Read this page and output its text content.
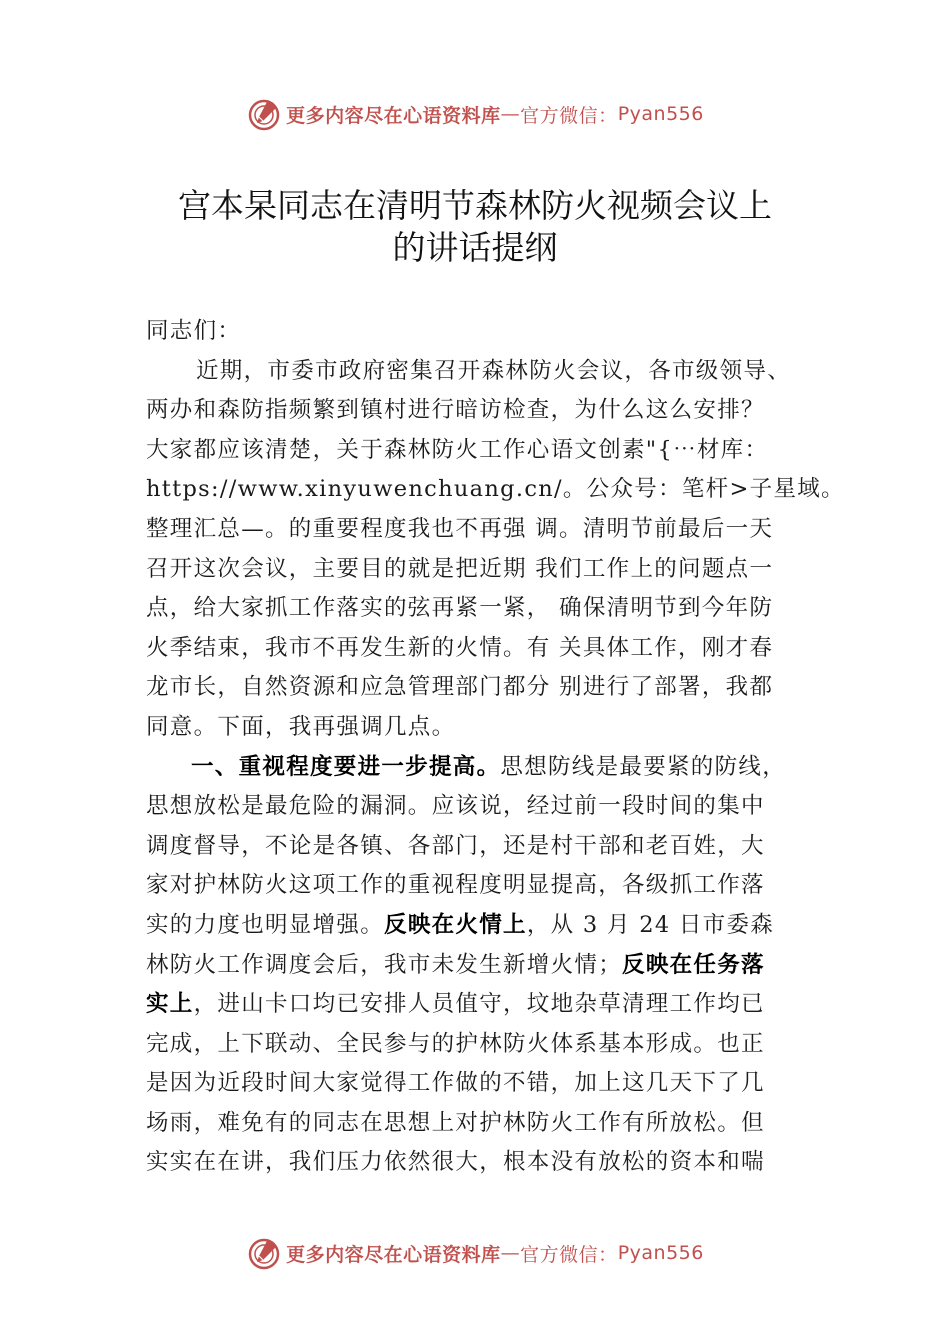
更多内容尽在心语资料库 — 官方微信： Pyan556
宫本杲同志在清明节森林防火视频会议上
的讲话提纲

同志们：

近期，市委市政府密集召开森林防火会议，各市级领导、

两办和森防指频繁到镇村进行暗访检查，为什么这么安排？

大家都应该清楚，关于森林防火工作心语文创素"{⋯材库：

https://www.xinyuwenchuang.cn/。公众号：笔杆>子星域。

整理汇总—。的重要程度我也不再强 调。清明节前最后一天

召开这次会议，主要目的就是把近期 我们工作上的问题点一

点，给大家抓工作落实的弦再紧一紧， 确保清明节到今年防

火季结束，我市不再发生新的火情。有 关具体工作，刚才春

龙市长，自然资源和应急管理部门都分 别进行了部署，我都

同意。下面，我再强调几点。

一、重视程度要进一步提高。思想防线是最要紧的防线，

思想放松是最危险的漏洞。应该说，经过前一段时间的集中

调度督导，不论是各镇、各部门，还是村干部和老百姓，大

家对护林防火这项工作的重视程度明显提高，各级抓工作落

实的力度也明显增强。反映在火情上，从 3 月 24 日市委森

林防火工作调度会后，我市未发生新增火情；反映在任务落

实上，进山卡口均已安排人员值守，坟地杂草清理工作均已

完成，上下联动、全民参与的护林防火体系基本形成。也正

是因为近段时间大家觉得工作做的不错，加上这几天下了几

场雨，难免有的同志在思想上对护林防火工作有所放松。但

实实在在讲，我们压力依然很大，根本没有放松的资本和喘

更多内容尽在心语资料库 — 官方微信： Pyan556
